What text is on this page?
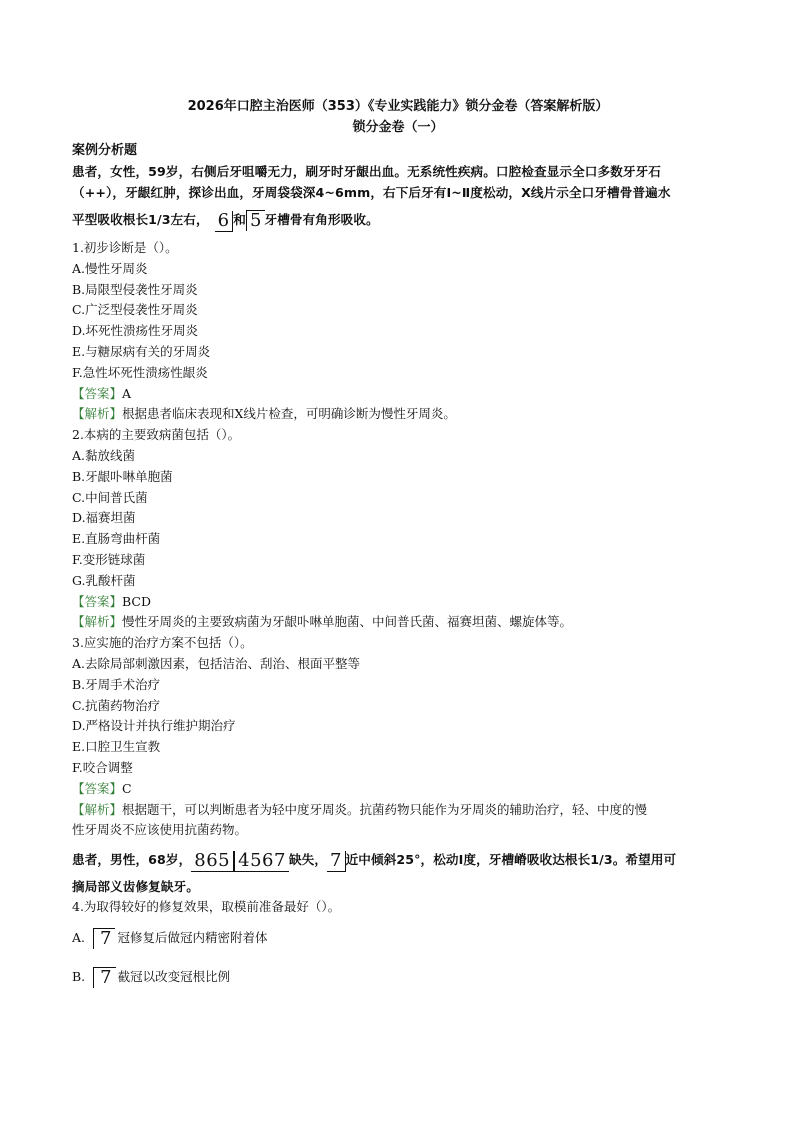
2026年口腔主治医师（353）《专业实践能力》锁分金卷（答案解析版）
锁分金卷（一）
案例分析题

患者，女性，59岁，右侧后牙咀嚼无力，刷牙时牙龈出血。无系统性疾病。口腔检查显示全口多数牙牙石

（++），牙龈红肿，探诊出血，牙周袋袋深4~6mm，右下后牙有Ⅰ~Ⅱ度松动，X线片示全口牙槽骨普遍水

平型吸收根长1/3左右， 6 和 5 牙槽骨有角形吸收。

1.初步诊断是（）。

A.慢性牙周炎

B.局限型侵袭性牙周炎

C.广泛型侵袭性牙周炎

D.坏死性溃疡性牙周炎

E.与糖尿病有关的牙周炎

F.急性坏死性溃疡性龈炎

【答案】A

【解析】根据患者临床表现和X线片检查，可明确诊断为慢性牙周炎。

2.本病的主要致病菌包括（）。

A.黏放线菌

B.牙龈卟啉单胞菌

C.中间普氏菌

D.福赛坦菌

E.直肠弯曲杆菌

F.变形链球菌

G.乳酸杆菌

【答案】BCD

【解析】慢性牙周炎的主要致病菌为牙龈卟啉单胞菌、中间普氏菌、福赛坦菌、螺旋体等。

3.应实施的治疗方案不包括（）。

A.去除局部刺激因素，包括洁治、刮治、根面平整等

B.牙周手术治疗

C.抗菌药物治疗

D.严格设计并执行维护期治疗

E.口腔卫生宣教

F.咬合调整

【答案】C

【解析】根据题干，可以判断患者为轻中度牙周炎。抗菌药物只能作为牙周炎的辅助治疗，轻、中度的慢

性牙周炎不应该使用抗菌药物。

患者，男性，68岁， 865 4567 缺失， 7 近中倾斜25°，松动Ⅰ度，牙槽嵴吸收达根长1/3。希望用可

摘局部义齿修复缺牙。

4.为取得较好的修复效果，取模前准备最好（）。

A. 7 冠修复后做冠内精密附着体

B. 7 截冠以改变冠根比例
